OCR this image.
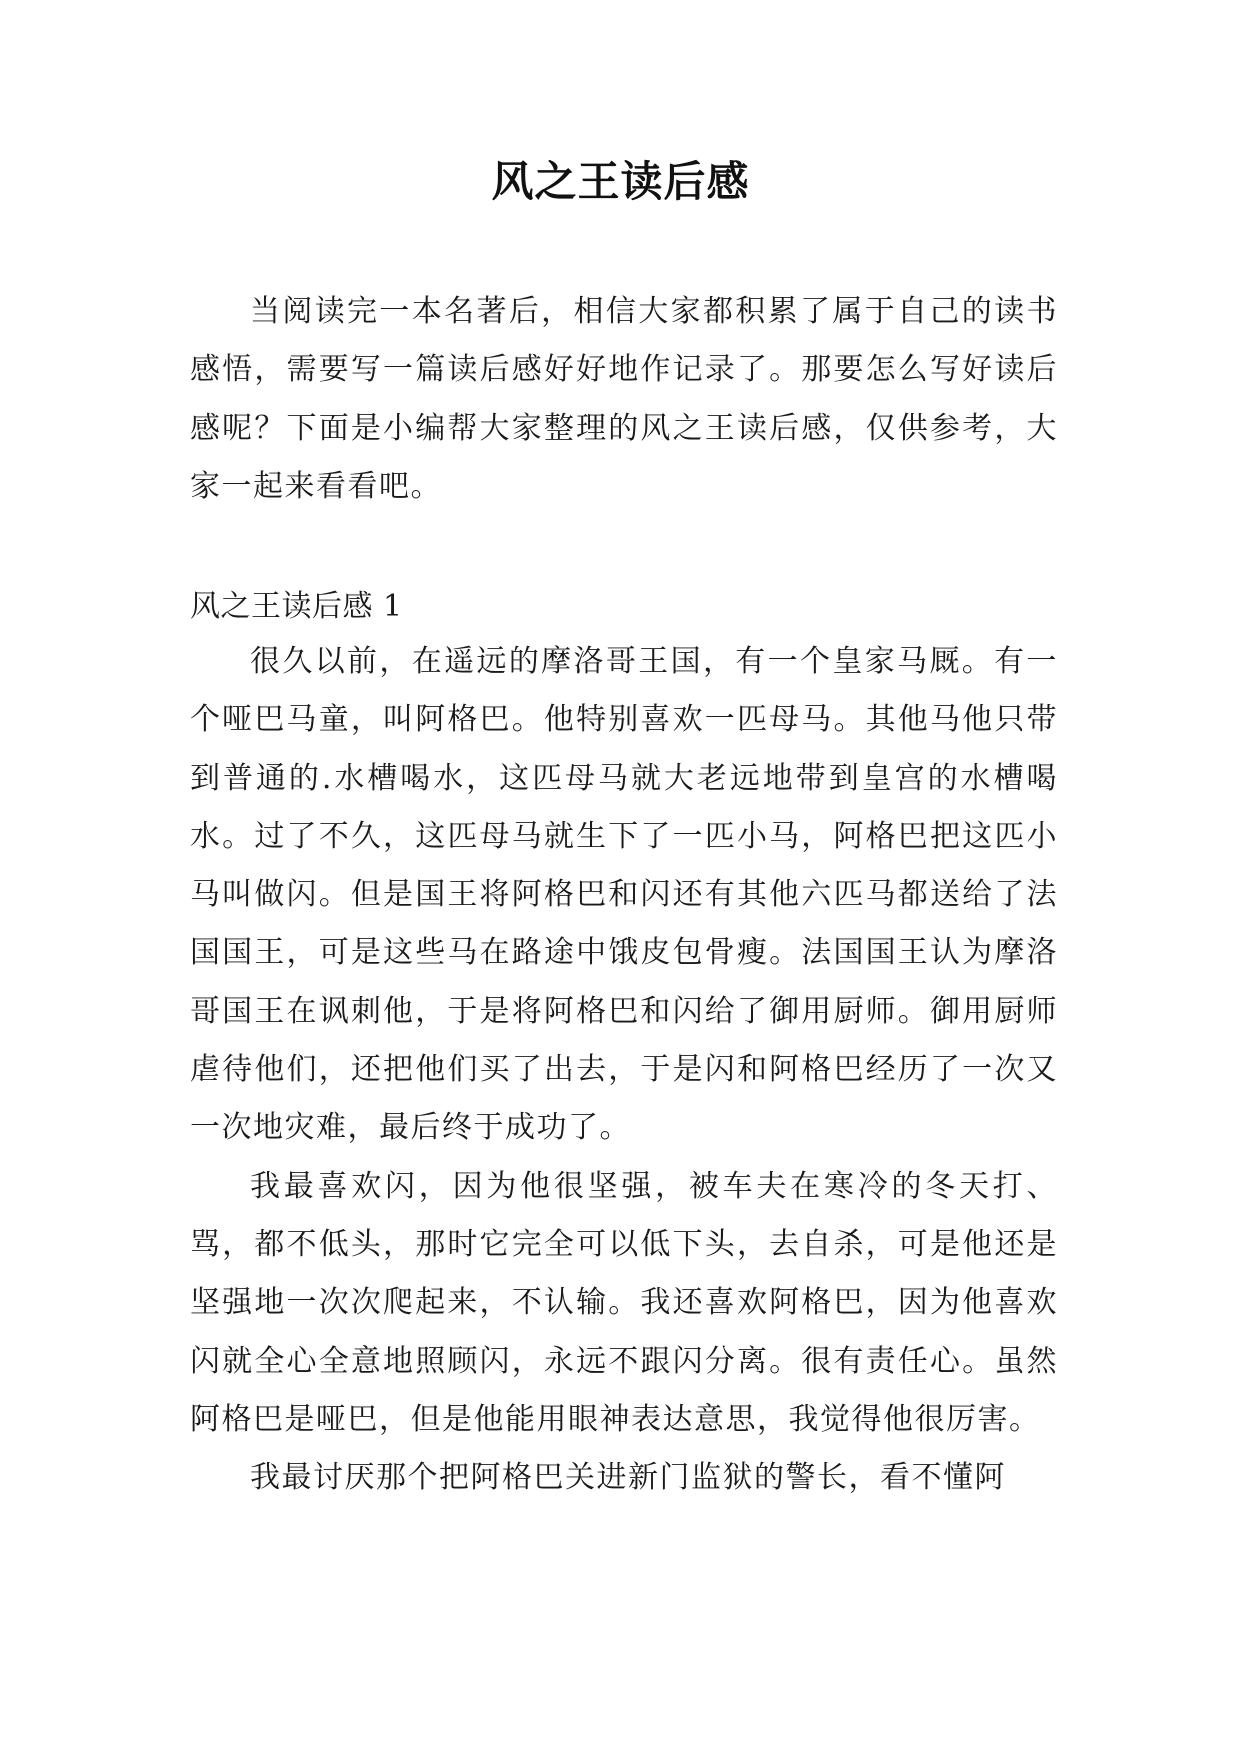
风之王读后感

当阅读完一本名著后，相信大家都积累了属于自己的读书感悟，需要写一篇读后感好好地作记录了。那要怎么写好读后感呢？下面是小编帮大家整理的风之王读后感，仅供参考，大家一起来看看吧。

风之王读后感 1

很久以前，在遥远的摩洛哥王国，有一个皇家马厩。有一个哑巴马童，叫阿格巴。他特别喜欢一匹母马。其他马他只带到普通的.水槽喝水，这匹母马就大老远地带到皇宫的水槽喝水。过了不久，这匹母马就生下了一匹小马，阿格巴把这匹小马叫做闪。但是国王将阿格巴和闪还有其他六匹马都送给了法国国王，可是这些马在路途中饿皮包骨瘦。法国国王认为摩洛哥国王在讽刺他，于是将阿格巴和闪给了御用厨师。御用厨师虐待他们，还把他们买了出去，于是闪和阿格巴经历了一次又一次地灾难，最后终于成功了。

我最喜欢闪，因为他很坚强，被车夫在寒冷的冬天打、骂，都不低头，那时它完全可以低下头，去自杀，可是他还是坚强地一次次爬起来，不认输。我还喜欢阿格巴，因为他喜欢闪就全心全意地照顾闪，永远不跟闪分离。很有责任心。虽然阿格巴是哑巴，但是他能用眼神表达意思，我觉得他很厉害。

我最讨厌那个把阿格巴关进新门监狱的警长，看不懂阿
